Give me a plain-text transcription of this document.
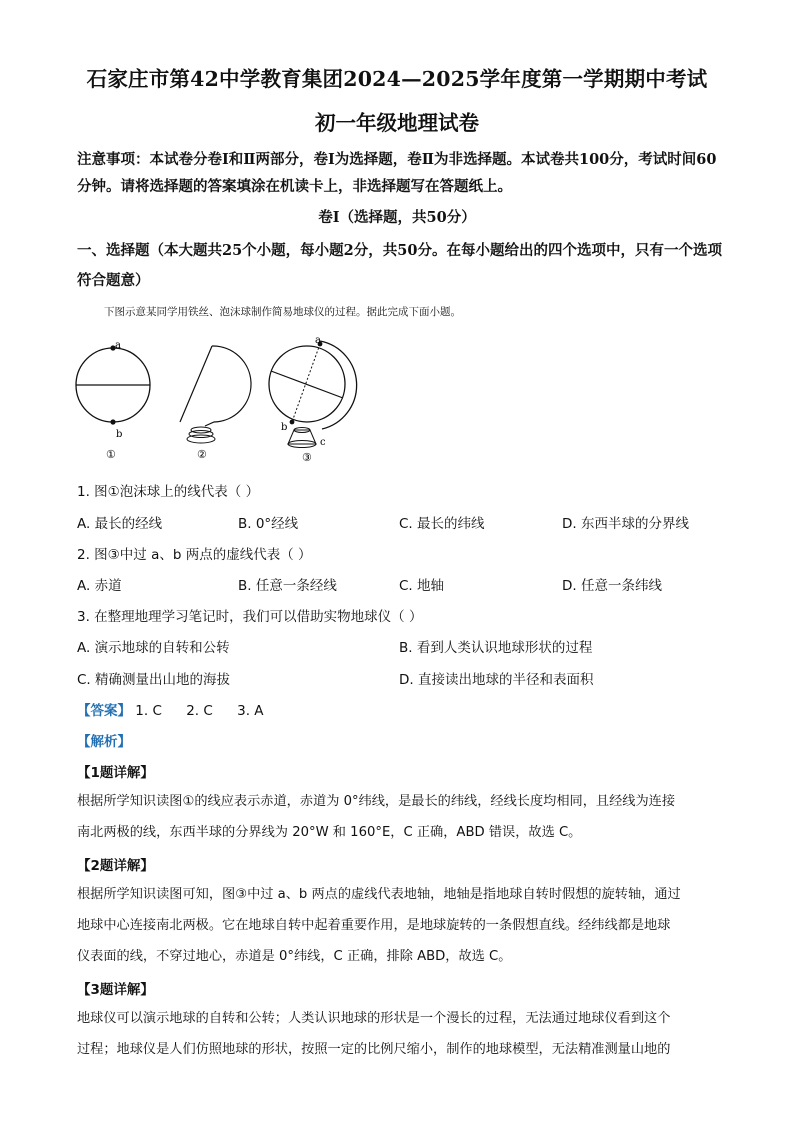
石家庄市第42中学教育集团2024—2025学年度第一学期期中考试
初一年级地理试卷
注意事项：本试卷分卷Ⅰ和Ⅱ两部分，卷Ⅰ为选择题，卷Ⅱ为非选择题。本试卷共100分，考试时间60分钟。请将选择题的答案填涂在机读卡上，非选择题写在答题纸上。
卷Ⅰ（选择题，共50分）
一、选择题（本大题共25个小题，每小题2分，共50分。在每小题给出的四个选项中，只有一个选项符合题意）
下图示意某同学用铁丝、泡沫球制作简易地球仪的过程。据此完成下面小题。
a
b
①	②
a
b
c
③
1. 图①泡沫球上的线代表（ ）
A. 最长的经线	B. 0°经线	C. 最长的纬线	D. 东西半球的分界线
2. 图③中过 a、b 两点的虚线代表（ ）
A. 赤道	B. 任意一条经线	C. 地轴	D. 任意一条纬线
3. 在整理地理学习笔记时，我们可以借助实物地球仪（ ）
A. 演示地球的自转和公转	B. 看到人类认识地球形状的过程
C. 精确测量出山地的海拔	D. 直接读出地球的半径和表面积
【答案】 1. C 2. C 3. A
【解析】
【1题详解】

根据所学知识读图①的线应表示赤道，赤道为 0°纬线，是最长的纬线，经线长度均相同，且经线为连接

南北两极的线，东西半球的分界线为 20°W 和 160°E，C 正确，ABD 错误，故选 C。

【2题详解】

根据所学知识读图可知，图③中过 a、b 两点的虚线代表地轴，地轴是指地球自转时假想的旋转轴，通过

地球中心连接南北两极。它在地球自转中起着重要作用，是地球旋转的一条假想直线。经纬线都是地球

仪表面的线，不穿过地心，赤道是 0°纬线，C 正确，排除 ABD，故选 C。

【3题详解】

地球仪可以演示地球的自转和公转；人类认识地球的形状是一个漫长的过程，无法通过地球仪看到这个

过程；地球仪是人们仿照地球的形状，按照一定的比例尺缩小，制作的地球模型，无法精准测量山地的
